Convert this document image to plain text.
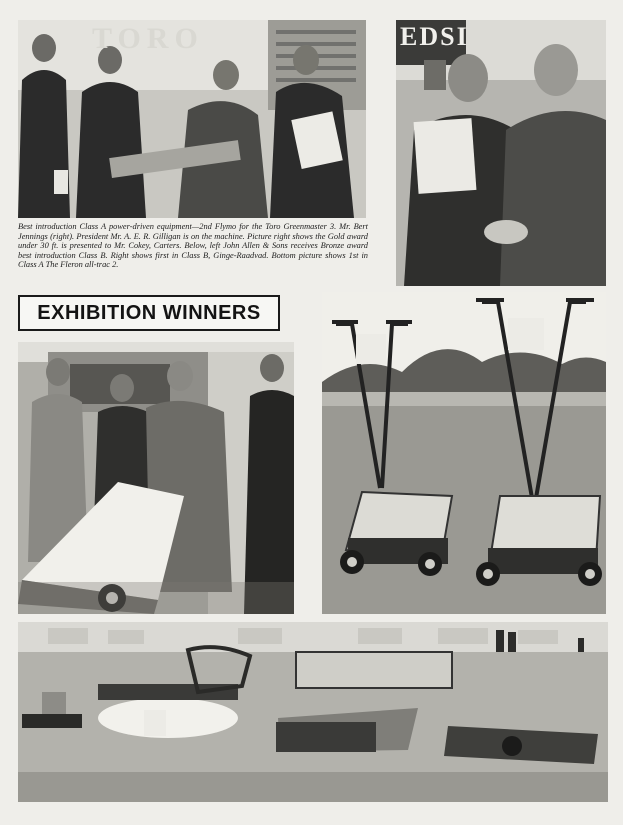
TORO	EDSI
Best introduction Class A power-driven equipment—2nd Flymo for the Toro Greenmaster 3. Mr. Bert Jennings (right). President Mr. A. E. R. Gilligan is on the machine. Picture right shows the Gold award under 30 ft. is presented to Mr. Cokey, Carters. Below, left John Allen & Sons receives Bronze award best introduction Class B. Right shows first in Class B, Ginge-Raadvad. Bottom picture shows 1st in Class A The Fleron all-trac 2.
EXHIBITION WINNERS
